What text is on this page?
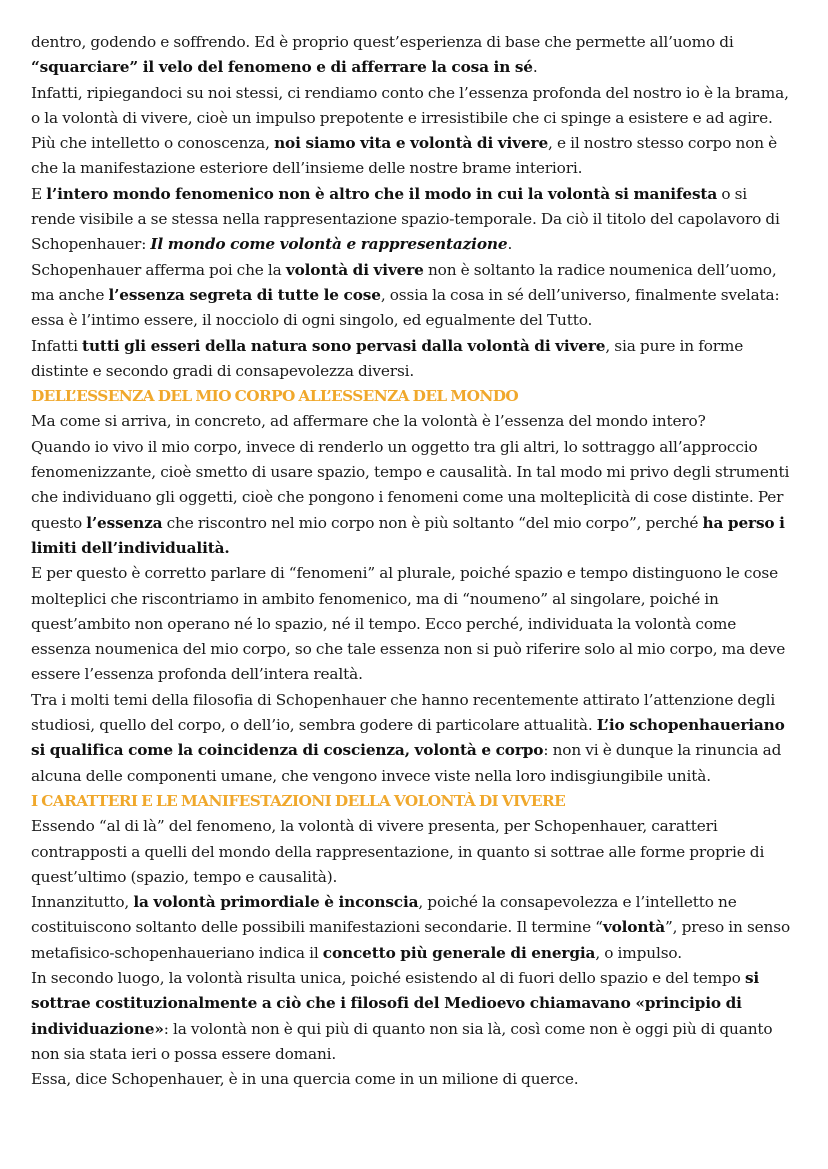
dentro, godendo e soffrendo. Ed è proprio quest’esperienza di base che permette all’uomo di “squarciare” il velo del fenomeno e di afferrare la cosa in sé.

Infatti, ripiegandoci su noi stessi, ci rendiamo conto che l’essenza profonda del nostro io è la brama, o la volontà di vivere, cioè un impulso prepotente e irresistibile che ci spinge a esistere e ad agire. Più che intelletto o conoscenza, noi siamo vita e volontà di vivere, e il nostro stesso corpo non è che la manifestazione esteriore dell’insieme delle nostre brame interiori.

E l’intero mondo fenomenico non è altro che il modo in cui la volontà si manifesta o si rende visibile a se stessa nella rappresentazione spazio-temporale. Da ciò il titolo del capolavoro di Schopenhauer: Il mondo come volontà e rappresentazione.

Schopenhauer afferma poi che la volontà di vivere non è soltanto la radice noumenica dell’uomo, ma anche l’essenza segreta di tutte le cose, ossia la cosa in sé dell’universo, finalmente svelata: essa è l’intimo essere, il nocciolo di ogni singolo, ed egualmente del Tutto.

Infatti tutti gli esseri della natura sono pervasi dalla volontà di vivere, sia pure in forme distinte e secondo gradi di consapevolezza diversi.

DELL’ESSENZA DEL MIO CORPO ALL’ESSENZA DEL MONDO

Ma come si arriva, in concreto, ad affermare che la volontà è l’essenza del mondo intero?

Quando io vivo il mio corpo, invece di renderlo un oggetto tra gli altri, lo sottraggo all’approccio fenomenizzante, cioè smetto di usare spazio, tempo e causalità. In tal modo mi privo degli strumenti che individuano gli oggetti, cioè che pongono i fenomeni come una molteplicità di cose distinte. Per questo l’essenza che riscontro nel mio corpo non è più soltanto “del mio corpo”, perché ha perso i limiti dell’individualità.

E per questo è corretto parlare di “fenomeni” al plurale, poiché spazio e tempo distinguono le cose molteplici che riscontriamo in ambito fenomenico, ma di “noumeno” al singolare, poiché in quest’ambito non operano né lo spazio, né il tempo. Ecco perché, individuata la volontà come essenza noumenica del mio corpo, so che tale essenza non si può riferire solo al mio corpo, ma deve essere l’essenza profonda dell’intera realtà.

Tra i molti temi della filosofia di Schopenhauer che hanno recentemente attirato l’attenzione degli studiosi, quello del corpo, o dell’io, sembra godere di particolare attualità. L’io schopenhaueriano si qualifica come la coincidenza di coscienza, volontà e corpo: non vi è dunque la rinuncia ad alcuna delle componenti umane, che vengono invece viste nella loro indisgiungibile unità.

I CARATTERI E LE MANIFESTAZIONI DELLA VOLONTÀ DI VIVERE

Essendo “al di là” del fenomeno, la volontà di vivere presenta, per Schopenhauer, caratteri contrapposti a quelli del mondo della rappresentazione, in quanto si sottrae alle forme proprie di quest’ultimo (spazio, tempo e causalità).

Innanzitutto, la volontà primordiale è inconscia, poiché la consapevolezza e l’intelletto ne costituiscono soltanto delle possibili manifestazioni secondarie. Il termine “volontà”, preso in senso metafisico-schopenhaueriano indica il concetto più generale di energia, o impulso.

In secondo luogo, la volontà risulta unica, poiché esistendo al di fuori dello spazio e del tempo si sottrae costituzionalmente a ciò che i filosofi del Medioevo chiamavano «principio di individuazione»: la volontà non è qui più di quanto non sia là, così come non è oggi più di quanto non sia stata ieri o possa essere domani.

Essa, dice Schopenhauer, è in una quercia come in un milione di querce.
